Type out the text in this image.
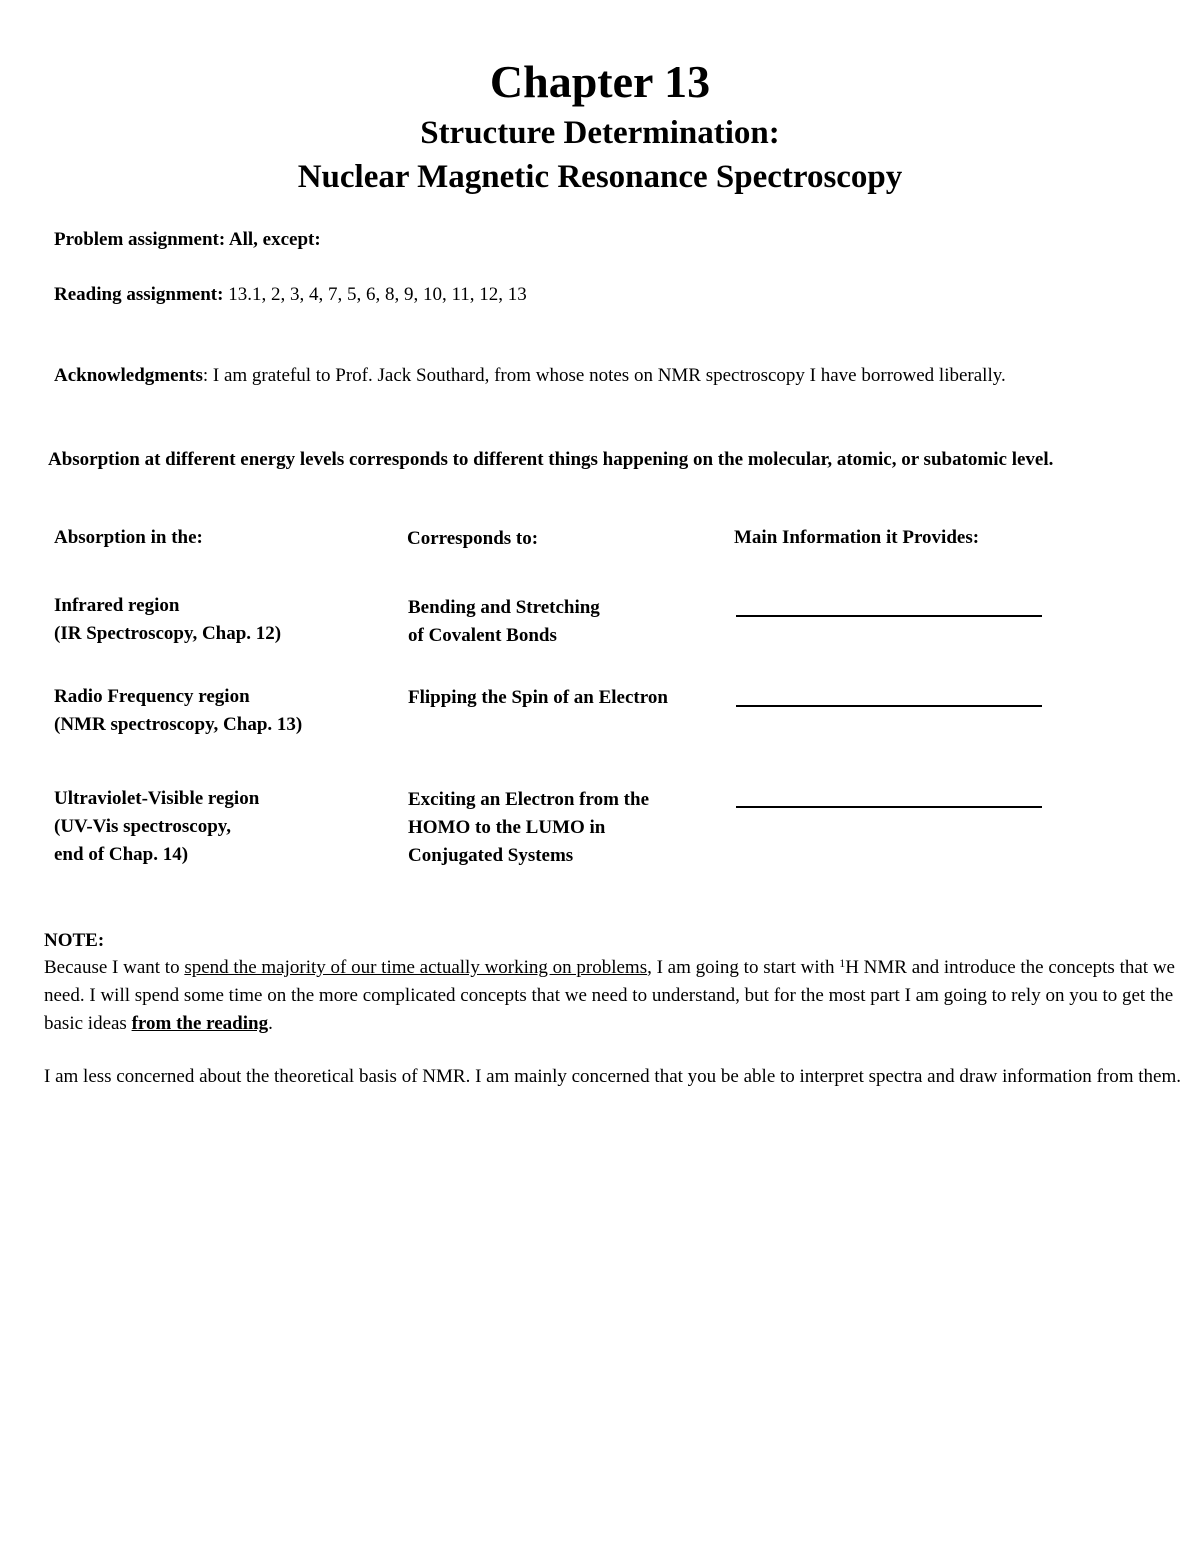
Chapter 13
Structure Determination:
Nuclear Magnetic Resonance Spectroscopy
Problem assignment: All, except:
Reading assignment: 13.1, 2, 3, 4, 7, 5, 6, 8, 9, 10, 11, 12, 13
Acknowledgments: I am grateful to Prof. Jack Southard, from whose notes on NMR spectroscopy I have borrowed liberally.
Absorption at different energy levels corresponds to different things happening on the molecular, atomic, or subatomic level.
Absorption in the:	Corresponds to:	Main Information it Provides:
Infrared region
(IR Spectroscopy, Chap. 12)
Bending and Stretching
of Covalent Bonds
Radio Frequency region
(NMR spectroscopy, Chap. 13)
Flipping the Spin of an Electron
Ultraviolet-Visible region
(UV-Vis spectroscopy,
end of Chap. 14)
Exciting an Electron from the
HOMO to the LUMO in
Conjugated Systems
NOTE:
Because I want to spend the majority of our time actually working on problems, I am going to start with $^1$H NMR and introduce the concepts that we need. I will spend some time on the more complicated concepts that we need to understand, but for the most part I am going to rely on you to get the basic ideas from the reading.
I am less concerned about the theoretical basis of NMR. I am mainly concerned that you be able to interpret spectra and draw information from them.
